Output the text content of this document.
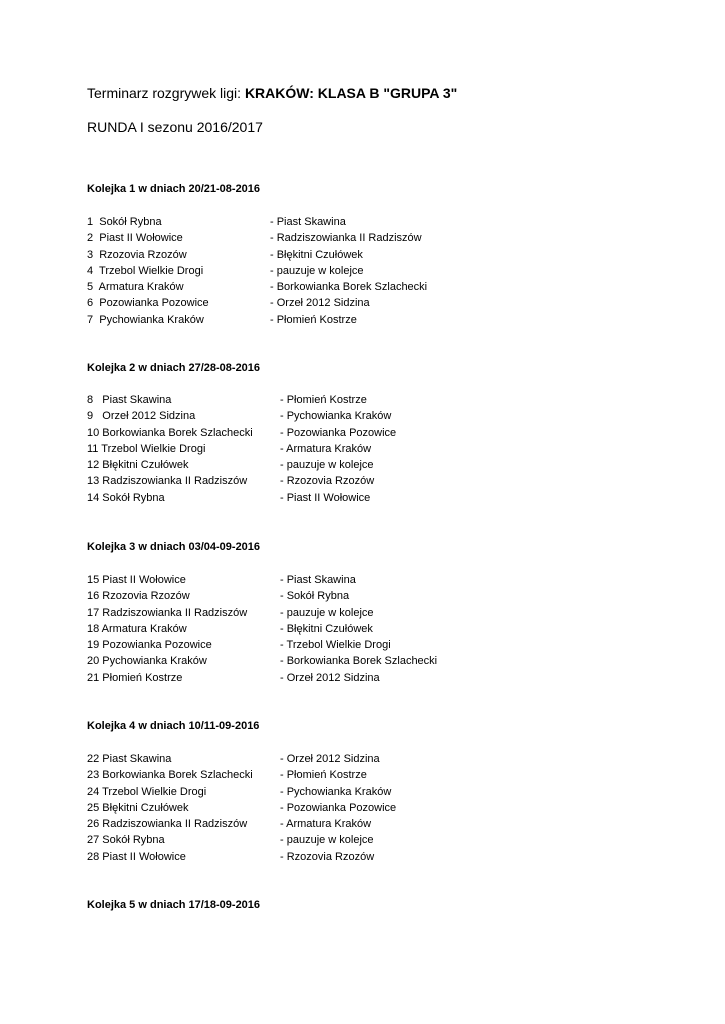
Terminarz rozgrywek ligi: KRAKÓW: KLASA B "GRUPA 3"
RUNDA I sezonu 2016/2017
Kolejka 1 w dniach 20/21-08-2016
1  Sokół Rybna	- Piast Skawina
2  Piast II Wołowice	- Radziszowianka II Radziszów
3  Rzozovia Rzozów	- Błękitni Czułówek
4  Trzebol Wielkie Drogi	- pauzuje w kolejce
5  Armatura Kraków	- Borkowianka Borek Szlachecki
6  Pozowianka Pozowice	- Orzeł 2012 Sidzina
7  Pychowianka Kraków	- Płomień Kostrze
Kolejka 2 w dniach 27/28-08-2016
8   Piast Skawina	- Płomień Kostrze
9   Orzeł 2012 Sidzina	- Pychowianka Kraków
10 Borkowianka Borek Szlachecki - Pozowianka Pozowice
11 Trzebol Wielkie Drogi	- Armatura Kraków
12 Błękitni Czułówek	- pauzuje w kolejce
13 Radziszowianka II Radziszów	- Rzozovia Rzozów
14 Sokół Rybna	- Piast II Wołowice
Kolejka 3 w dniach 03/04-09-2016
15 Piast II Wołowice	- Piast Skawina
16 Rzozovia Rzozów	- Sokół Rybna
17 Radziszowianka II Radziszów	- pauzuje w kolejce
18 Armatura Kraków	- Błękitni Czułówek
19 Pozowianka Pozowice	- Trzebol Wielkie Drogi
20 Pychowianka Kraków	- Borkowianka Borek Szlachecki
21 Płomień Kostrze	- Orzeł 2012 Sidzina
Kolejka 4 w dniach 10/11-09-2016
22 Piast Skawina	- Orzeł 2012 Sidzina
23 Borkowianka Borek Szlachecki - Płomień Kostrze
24 Trzebol Wielkie Drogi	- Pychowianka Kraków
25 Błękitni Czułówek	- Pozowianka Pozowice
26 Radziszowianka II Radziszów	- Armatura Kraków
27 Sokół Rybna	- pauzuje w kolejce
28 Piast II Wołowice	- Rzozovia Rzozów
Kolejka 5 w dniach 17/18-09-2016
